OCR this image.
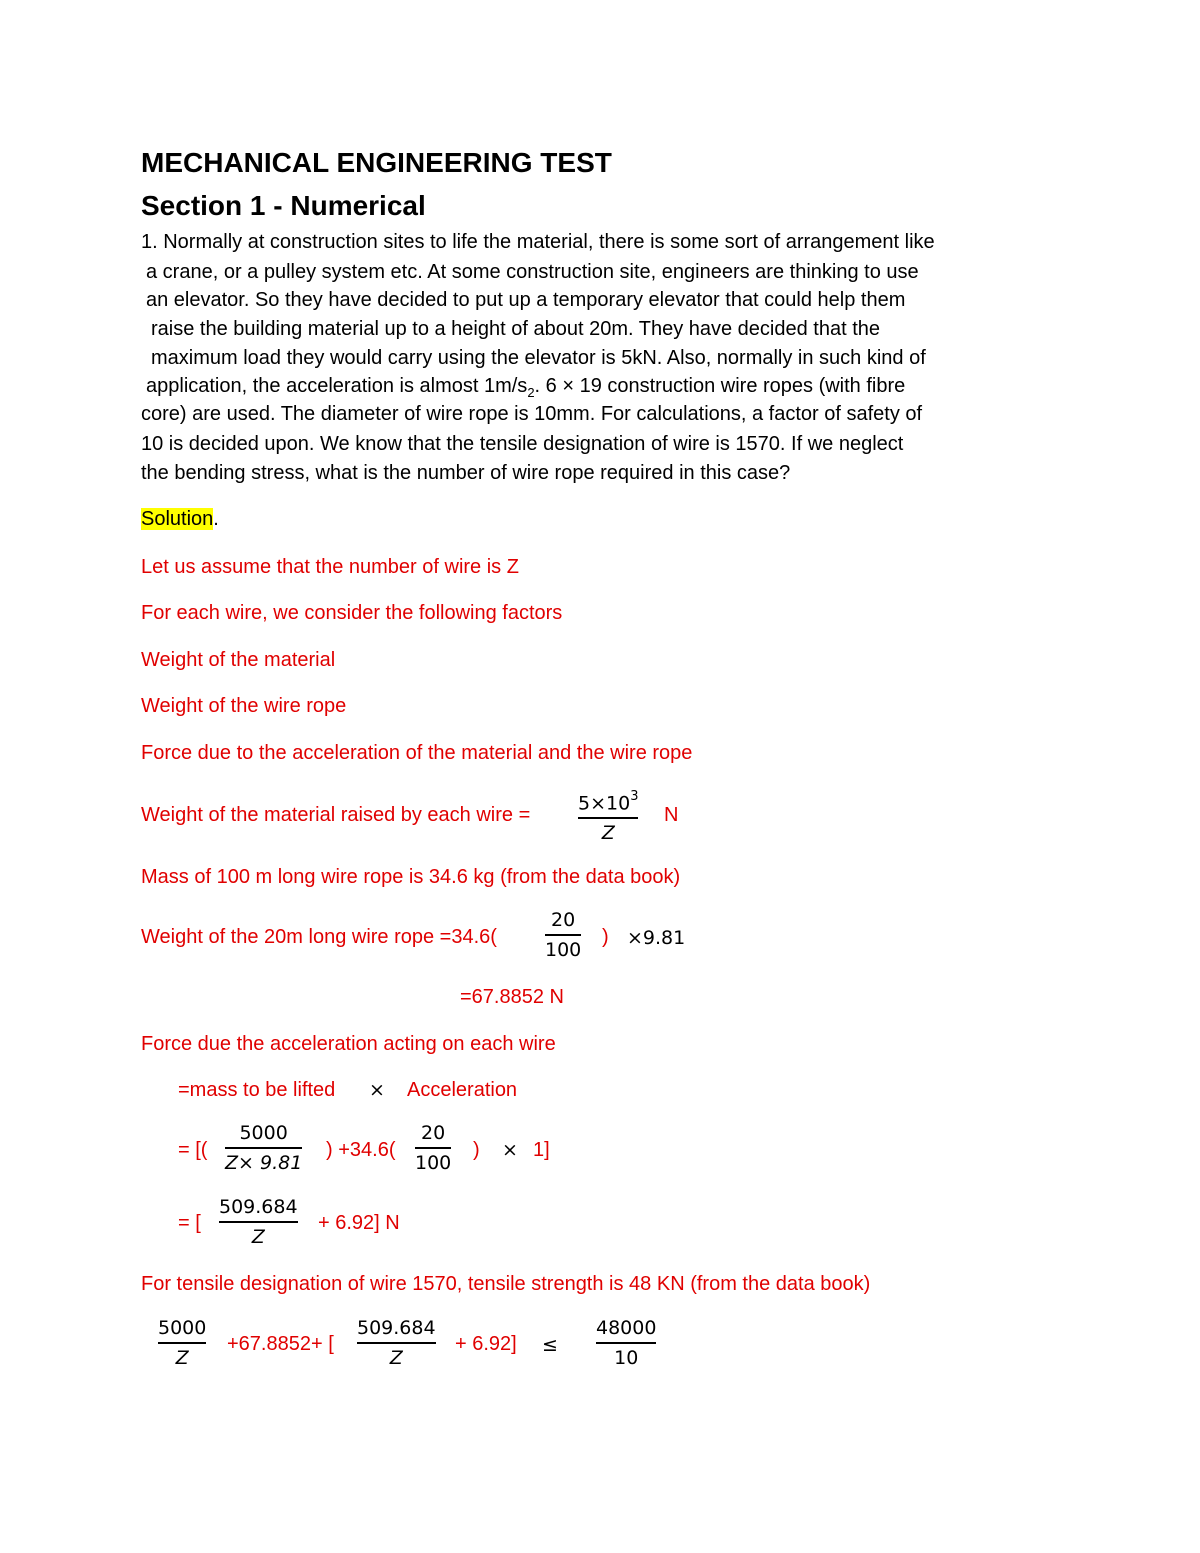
MECHANICAL ENGINEERING TEST
Section 1 - Numerical
1. Normally at construction sites to life the material, there is some sort of arrangement like
a crane, or a pulley system etc. At some construction site, engineers are thinking to use
an elevator. So they have decided to put up a temporary elevator that could help them
raise the building material up to a height of about 20m. They have decided that the
maximum load they would carry using the elevator is 5kN. Also, normally in such kind of
application, the acceleration is almost $1m/s_2$. 6 × 19 construction wire ropes (with fibre
core) are used. The diameter of wire rope is 10mm. For calculations, a factor of safety of
10 is decided upon. We know that the tensile designation of wire is 1570. If we neglect
the bending stress, what is the number of wire rope required in this case?
Solution.
Let us assume that the number of wire is Z
For each wire, we consider the following factors
Weight of the material
Weight of the wire rope
Force due to the acceleration of the material and the wire rope
Weight of the material raised by each wire =
$5\times 10^3$
Z
N
Mass of 100 m long wire rope is 34.6 kg (from the data book)
Weight of the 20m long wire rope =34.6(
20
100
) ×9.81
=67.8852 N
Force due the acceleration acting on each wire
=mass to be lifted × Acceleration
= [(
5000
Z× 9.81
) +34.6(
20
100
) × 1]
= [
509.684
Z
+ 6.92] N
For tensile designation of wire 1570, tensile strength is 48 KN (from the data book)
5000
Z
+67.8852+ [
509.684
Z
+ 6.92] ≤
48000
10
